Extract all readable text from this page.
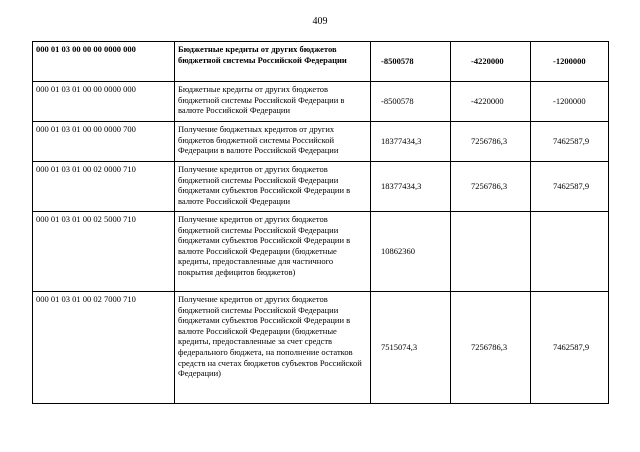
409
000 01 03 00 00 00 0000 000	Бюджетные кредиты от других бюджетов бюджетной системы Российской Федерации	-8500578	-4220000	-1200000
000 01 03 01 00 00 0000 000	Бюджетные кредиты от других бюджетов бюджетной системы Российской Федерации в валюте Российской Федерации	-8500578	-4220000	-1200000
000 01 03 01 00 00 0000 700	Получение бюджетных кредитов от других бюджетов бюджетной системы Российской Федерации в валюте Российской Федерации	18377434,3	7256786,3	7462587,9
000 01 03 01 00 02 0000 710	Получение кредитов от других бюджетов бюджетной системы Российской Федерации бюджетами субъектов Российской Федерации в валюте Российской Федерации	18377434,3	7256786,3	7462587,9
000 01 03 01 00 02 5000 710	Получение кредитов от других бюджетов бюджетной системы Российской Федерации бюджетами субъектов Российской Федерации в валюте Российской Федерации (бюджетные кредиты, предоставленные для частичного покрытия дефицитов бюджетов)	10862360		
000 01 03 01 00 02 7000 710	Получение кредитов от других бюджетов бюджетной системы Российской Федерации бюджетами субъектов Российской Федерации в валюте Российской Федерации (бюджетные кредиты, предоставленные за счет средств федерального бюджета, на пополнение остатков средств на счетах бюджетов субъектов Российской Федерации)	7515074,3	7256786,3	7462587,9
